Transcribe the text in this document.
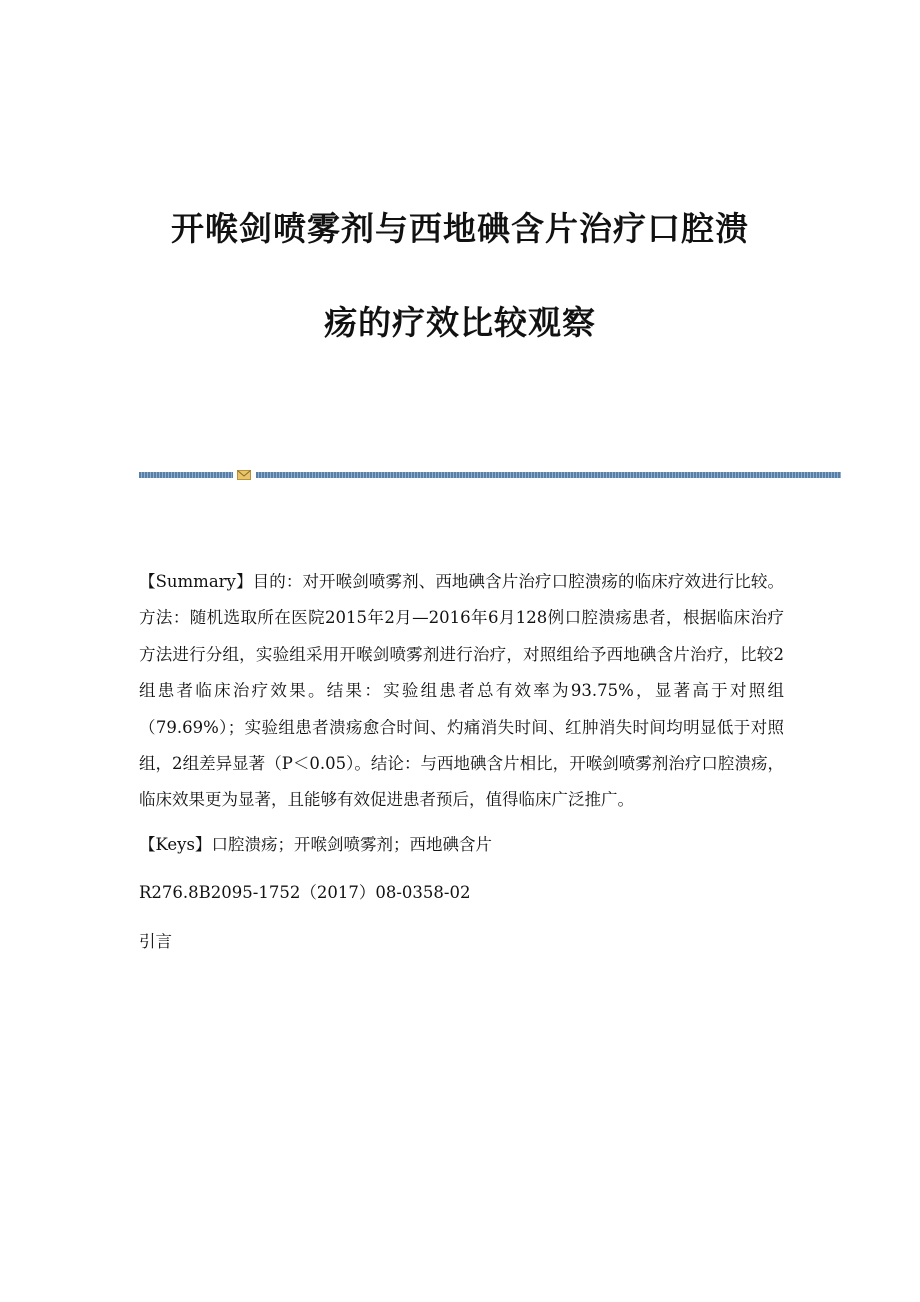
开喉剑喷雾剂与西地碘含片治疗口腔溃
疡的疗效比较观察

【Summary】目的：对开喉剑喷雾剂、西地碘含片治疗口腔溃疡的临床疗效进行比较。方法：随机选取所在医院2015年2月—2016年6月128例口腔溃疡患者，根据临床治疗方法进行分组，实验组采用开喉剑喷雾剂进行治疗，对照组给予西地碘含片治疗，比较2组患者临床治疗效果。结果：实验组患者总有效率为93.75%，显著高于对照组（79.69%）；实验组患者溃疡愈合时间、灼痛消失时间、红肿消失时间均明显低于对照组，2组差异显著（P＜0.05）。结论：与西地碘含片相比，开喉剑喷雾剂治疗口腔溃疡，临床效果更为显著，且能够有效促进患者预后，值得临床广泛推广。

【Keys】口腔溃疡；开喉剑喷雾剂；西地碘含片

R276.8B2095-1752（2017）08-0358-02

引言
